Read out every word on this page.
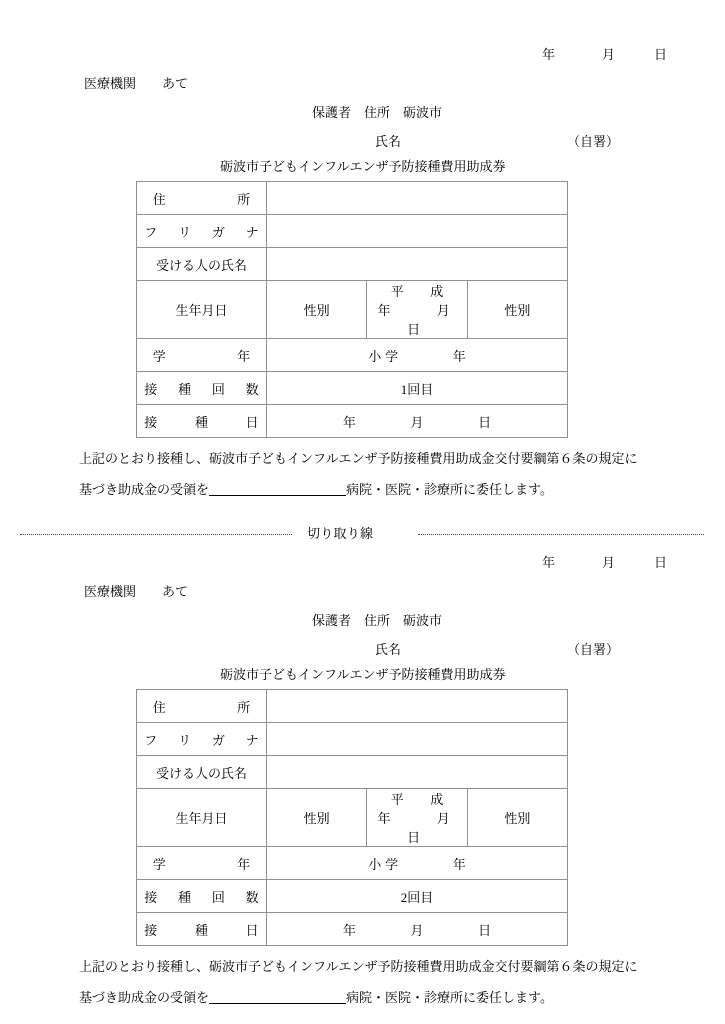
年	月	日
医療機関　　あて
保護者　住所　砺波市
氏名	（自署）
砺波市子どもインフルエンザ予防接種費用助成券
住　　　　所			
フ　リ　ガ　ナ			
受ける人の氏名			
生年月日	性別	平　成　　年　　月　　日	性別
学　　　　年	小学　　　年		
接　種　回　数	1回目		
接　　種　　日	年　　　月　　　日		
上記のとおり接種し、砺波市子どもインフルエンザ予防接種費用助成金交付要綱第６条の規定に
基づき助成金の受領を	病院・医院・診療所に委任します。
切り取り線
年	月	日
医療機関　　あて
保護者　住所　砺波市
氏名	（自署）
砺波市子どもインフルエンザ予防接種費用助成券
住　　　　所			
フ　リ　ガ　ナ			
受ける人の氏名			
生年月日	性別	平　成　　年　　月　　日	性別
学　　　　年	小学　　　年		
接　種　回　数	2回目		
接　　種　　日	年　　　月　　　日		
上記のとおり接種し、砺波市子どもインフルエンザ予防接種費用助成金交付要綱第６条の規定に
基づき助成金の受領を	病院・医院・診療所に委任します。
